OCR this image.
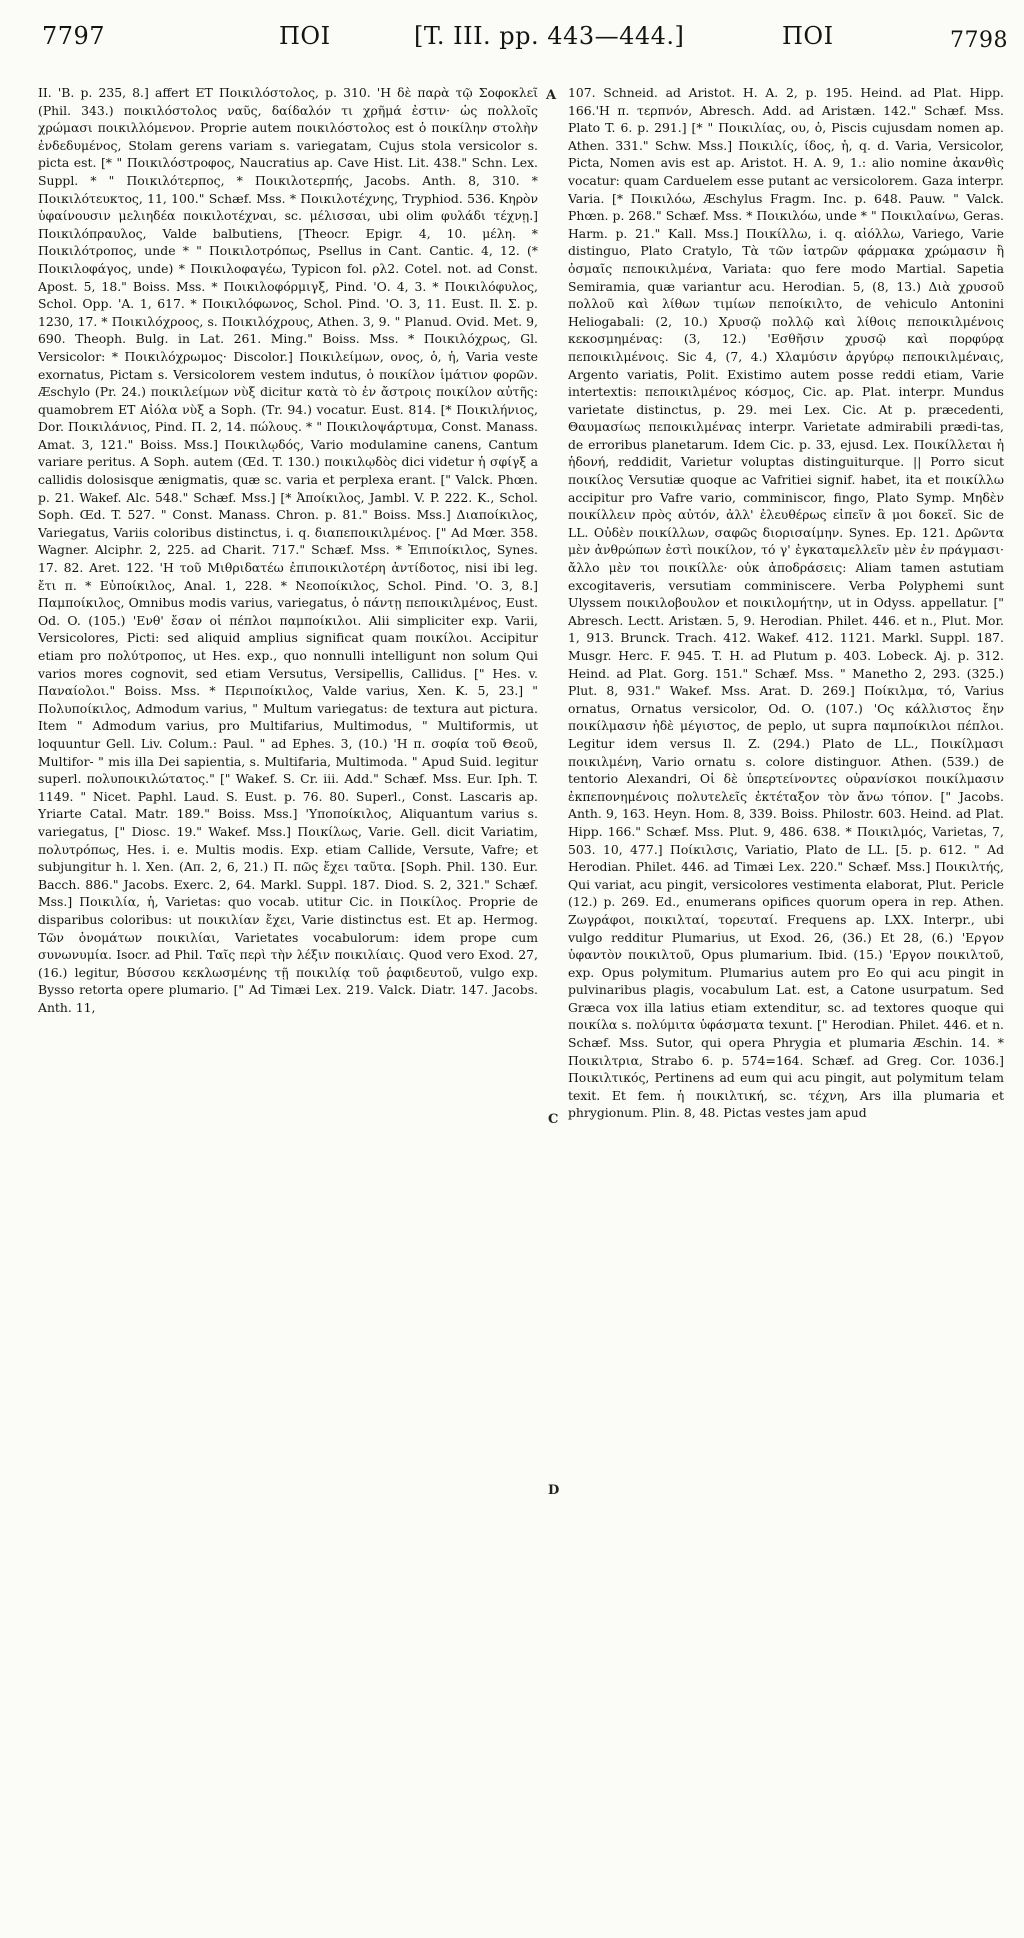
7797	ΠΟΙ	[T. III. pp. 443—444.]	ΠΟΙ	7798
A
C
D

II. 'B. p. 235, 8.] affert ET Ποικιλόστολος, p. 310. 'Η δὲ παρὰ τῷ Σοφοκλεῖ (Phil. 343.) ποικιλόστολος ναῦς, δαίδαλόν τι χρῆμά ἐστιν· ὡς πολλοῖς χρώμασι ποικιλλόμενον. Proprie autem ποικιλόστολος est ὁ ποικίλην στολὴν ἐνδεδυμένος, Stolam gerens variam s. variegatam, Cujus stola versicolor s. picta est. [* " Ποικιλόστροφος, Naucratius ap. Cave Hist. Lit. 438." Schn. Lex. Suppl. * " Ποικιλότερπος, * Ποικιλοτερπής, Jacobs. Anth. 8, 310. * Ποικιλότευκτος, 11, 100." Schæf. Mss. * Ποικιλοτέχνης, Tryphiod. 536. Κηρὸν ὑφαίνουσιν μελιηδέα ποικιλοτέχναι, sc. μέλισσαι, ubi olim φυλάδι τέχνῃ.] Ποικιλόπραυλος, Valde balbutiens, [Theocr. Epigr. 4, 10. μέλη. * Ποικιλότροπος, unde * " Ποικιλοτρόπως, Psellus in Cant. Cantic. 4, 12. (* Ποικιλοφάγος, unde) * Ποικιλοφαγέω, Typicon fol. ρλ2. Cotel. not. ad Const. Apost. 5, 18." Boiss. Mss. * Ποικιλοφόρμιγξ, Pind. 'Ο. 4, 3. * Ποικιλόφυλος, Schol. Opp. 'A. 1, 617. * Ποικιλόφωνος, Schol. Pind. 'Ο. 3, 11. Eust. Il. Σ. p. 1230, 17. * Ποικιλόχροος, s. Ποικιλόχρους, Athen. 3, 9. " Planud. Ovid. Met. 9, 690. Theoph. Bulg. in Lat. 261. Ming." Boiss. Mss. * Ποικιλόχρως, Gl. Versicolor: * Ποικιλόχρωμος· Discolor.] Ποικιλείμων, ονος, ὁ, ἡ, Varia veste exornatus, Pictam s. Versicolorem vestem indutus, ὁ ποικίλον ἱμάτιον φορῶν. Æschylo (Pr. 24.) ποικιλείμων νὺξ dicitur κατὰ τὸ ἐν ἄστροις ποικίλον αὐτῆς: quamobrem ET Αἰόλα νὺξ a Soph. (Tr. 94.) vocatur. Eust. 814. [* Ποικιλήνιος, Dor. Ποικιλάνιος, Pind. Π. 2, 14. πώλους. * " Ποικιλοψάρτυμα, Const. Manass. Amat. 3, 121." Boiss. Mss.] Ποικιλῳδός, Vario modulamine canens, Cantum variare peritus. A Soph. autem (Œd. T. 130.) ποικιλῳδὸς dici videtur ἡ σφίγξ a callidis dolosisque ænigmatis, quæ sc. varia et perplexa erant. [" Valck. Phœn. p. 21. Wakef. Alc. 548." Schæf. Mss.] [* Ἀποίκιλος, Jambl. V. P. 222. K., Schol. Soph. Œd. T. 527. " Const. Manass. Chron. p. 81." Boiss. Mss.] Διαποίκιλος, Variegatus, Variis coloribus distinctus, i. q. διαπεποικιλμένος. [" Ad Mœr. 358. Wagner. Alciphr. 2, 225. ad Charit. 717." Schæf. Mss. * Ἐπιποίκιλος, Synes. 17. 82. Aret. 122. 'Η τοῦ Μιθριδατέω ἐπιποικιλοτέρη ἀντίδοτος, nisi ibi leg. ἔτι π. * Εὐποίκιλος, Anal. 1, 228. * Νεοποίκιλος, Schol. Pind. 'Ο. 3, 8.] Παμποίκιλος, Omnibus modis varius, variegatus, ὁ πάντῃ πεποικιλμένος, Eust. Od. O. (105.) 'Ενθ' ἔσαν οἱ πέπλοι παμποίκιλοι. Alii simpliciter exp. Varii, Versicolores, Picti: sed aliquid amplius significat quam ποικίλοι. Accipitur etiam pro πολύτροπος, ut Hes. exp., quo nonnulli intelligunt non solum Qui varios mores cognovit, sed etiam Versutus, Versipellis, Callidus. [" Hes. v. Παναίολοι." Boiss. Mss. * Περιποίκιλος, Valde varius, Xen. K. 5, 23.] " Πολυποίκιλος, Admodum varius, " Multum variegatus: de textura aut pictura. Item " Admodum varius, pro Multifarius, Multimodus, " Multiformis, ut loquuntur Gell. Liv. Colum.: Paul. " ad Ephes. 3, (10.) 'Η π. σοφία τοῦ Θεοῦ, Multifor- " mis illa Dei sapientia, s. Multifaria, Multimoda. " Apud Suid. legitur superl. πολυποικιλώτατος." [" Wakef. S. Cr. iii. Add." Schæf. Mss. Eur. Iph. T. 1149. " Nicet. Paphl. Laud. S. Eust. p. 76. 80. Superl., Const. Lascaris ap. Yriarte Catal. Matr. 189." Boiss. Mss.] 'Υποποίκιλος, Aliquantum varius s. variegatus, [" Diosc. 19." Wakef. Mss.] Ποικίλως, Varie. Gell. dicit Variatim, πολυτρόπως, Hes. i. e. Multis modis. Exp. etiam Callide, Versute, Vafre; et subjungitur h. l. Xen. (Απ. 2, 6, 21.) Π. πῶς ἔχει ταῦτα. [Soph. Phil. 130. Eur. Bacch. 886." Jacobs. Exerc. 2, 64. Markl. Suppl. 187. Diod. S. 2, 321." Schæf. Mss.] Ποικιλία, ἡ, Varietas: quo vocab. utitur Cic. in Ποικίλος. Proprie de disparibus coloribus: ut ποικιλίαν ἔχει, Varie distinctus est. Et ap. Hermog. Τῶν ὀνομάτων ποικιλίαι, Varietates vocabulorum: idem prope cum συνωνυμία. Isocr. ad Phil. Ταῖς περὶ τὴν λέξιν ποικιλίαις. Quod vero Exod. 27, (16.) legitur, Βύσσου κεκλωσμένης τῇ ποικιλίᾳ τοῦ ῥαφιδευτοῦ, vulgo exp. Bysso retorta opere plumario. [" Ad Timæi Lex. 219. Valck. Diatr. 147. Jacobs. Anth. 11,

107. Schneid. ad Aristot. H. A. 2, p. 195. Heind. ad Plat. Hipp. 166.'Η π. τερπνόν, Abresch. Add. ad Aristæn. 142." Schæf. Mss. Plato T. 6. p. 291.] [* " Ποικιλίας, ου, ὁ, Piscis cujusdam nomen ap. Athen. 331." Schw. Mss.] Ποικιλίς, ίδος, ἡ, q. d. Varia, Versicolor, Picta, Nomen avis est ap. Aristot. H. A. 9, 1.: alio nomine ἀκανθὶς vocatur: quam Carduelem esse putant ac versicolorem. Gaza interpr. Varia. [* Ποικιλόω, Æschylus Fragm. Inc. p. 648. Pauw. " Valck. Phœn. p. 268." Schæf. Mss. * Ποικιλόω, unde * " Ποικιλαίνω, Geras. Harm. p. 21." Kall. Mss.] Ποικίλλω, i. q. αἰόλλω, Variego, Varie distinguo, Plato Cratylo, Τὰ τῶν ἰατρῶν φάρμακα χρώμασιν ἢ ὀσμαῖς πεποικιλμένα, Variata: quo fere modo Martial. Sapetia Semiramia, quæ variantur acu. Herodian. 5, (8, 13.) Διὰ χρυσοῦ πολλοῦ καὶ λίθων τιμίων πεποίκιλτο, de vehiculo Antonini Heliogabali: (2, 10.) Χρυσῷ πολλῷ καὶ λίθοις πεποικιλμένοις κεκοσμημένας: (3, 12.) 'Εσθῆσιν χρυσῷ καὶ πορφύρᾳ πεποικιλμένοις. Sic 4, (7, 4.) Χλαμύσιν ἀργύρῳ πεποικιλμέναις, Argento variatis, Polit. Existimo autem posse reddi etiam, Varie intertextis: πεποικιλμένος κόσμος, Cic. ap. Plat. interpr. Mundus varietate distinctus, p. 29. mei Lex. Cic. At p. præcedenti, Θαυμασίως πεποικιλμένας interpr. Varietate admirabili prædi-tas, de erroribus planetarum. Idem Cic. p. 33, ejusd. Lex. Ποικίλλεται ἡ ἡδονή, reddidit, Varietur voluptas distinguiturque. || Porro sicut ποικίλος Versutiæ quoque ac Vafritiei signif. habet, ita et ποικίλλω accipitur pro Vafre vario, comminiscor, fingo, Plato Symp. Μηδὲν ποικίλλειν πρὸς αὐτόν, ἀλλ' ἐλευθέρως εἰπεῖν ἃ μοι δοκεῖ. Sic de LL. Οὐδὲν ποικίλλων, σαφῶς διορισαίμην. Synes. Ep. 121. Δρῶντα μὲν ἀνθρώπων ἐστὶ ποικίλον, τό γ' ἐγκαταμελλεῖν μὲν ἐν πράγμασι· ἄλλο μὲν τοι ποικίλλε· οὐκ ἀποδράσεις: Aliam tamen astutiam excogitaveris, versutiam comminiscere. Verba Polyphemi sunt Ulyssem ποικιλοβουλον et ποικιλομήτην, ut in Odyss. appellatur. [" Abresch. Lectt. Aristæn. 5, 9. Herodian. Philet. 446. et n., Plut. Mor. 1, 913. Brunck. Trach. 412. Wakef. 412. 1121. Markl. Suppl. 187. Musgr. Herc. F. 945. T. H. ad Plutum p. 403. Lobeck. Aj. p. 312. Heind. ad Plat. Gorg. 151." Schæf. Mss. " Manetho 2, 293. (325.) Plut. 8, 931." Wakef. Mss. Arat. D. 269.] Ποίκιλμα, τό, Varius ornatus, Ornatus versicolor, Od. O. (107.) 'Ος κάλλιστος ἔην ποικίλμασιν ἠδὲ μέγιστος, de peplo, ut supra παμποίκιλοι πέπλοι. Legitur idem versus Il. Z. (294.) Plato de LL., Ποικίλμασι ποικιλμένη, Vario ornatu s. colore distinguor. Athen. (539.) de tentorio Alexandri, Οἱ δὲ ὑπερτείνοντες οὐρανίσκοι ποικίλμασιν ἐκπεπονημένοις πολυτελεῖς ἐκτέταξον τὸν ἄνω τόπον. [" Jacobs. Anth. 9, 163. Heyn. Hom. 8, 339. Boiss. Philostr. 603. Heind. ad Plat. Hipp. 166." Schæf. Mss. Plut. 9, 486. 638. * Ποικιλμός, Varietas, 7, 503. 10, 477.] Ποίκιλσις, Variatio, Plato de LL. [5. p. 612. " Ad Herodian. Philet. 446. ad Timæi Lex. 220." Schæf. Mss.] Ποικιλτής, Qui variat, acu pingit, versicolores vestimenta elaborat, Plut. Pericle (12.) p. 269. Ed., enumerans opifices quorum opera in rep. Athen. Ζωγράφοι, ποικιλταί, τορευταί. Frequens ap. LXX. Interpr., ubi vulgo redditur Plumarius, ut Exod. 26, (36.) Et 28, (6.) 'Εργον ὑφαντὸν ποικιλτοῦ, Opus plumarium. Ibid. (15.) 'Εργον ποικιλτοῦ, exp. Opus polymitum. Plumarius autem pro Eo qui acu pingit in pulvinaribus plagis, vocabulum Lat. est, a Catone usurpatum. Sed Græca vox illa latius etiam extenditur, sc. ad textores quoque qui ποικίλα s. πολύμιτα ὑφάσματα texunt. [" Herodian. Philet. 446. et n. Schæf. Mss. Sutor, qui opera Phrygia et plumaria Æschin. 14. * Ποικιλτρια, Strabo 6. p. 574=164. Schæf. ad Greg. Cor. 1036.] Ποικιλτικός, Pertinens ad eum qui acu pingit, aut polymitum telam texit. Et fem. ἡ ποικιλτική, sc. τέχνη, Ars illa plumaria et phrygionum. Plin. 8, 48. Pictas vestes jam apud
